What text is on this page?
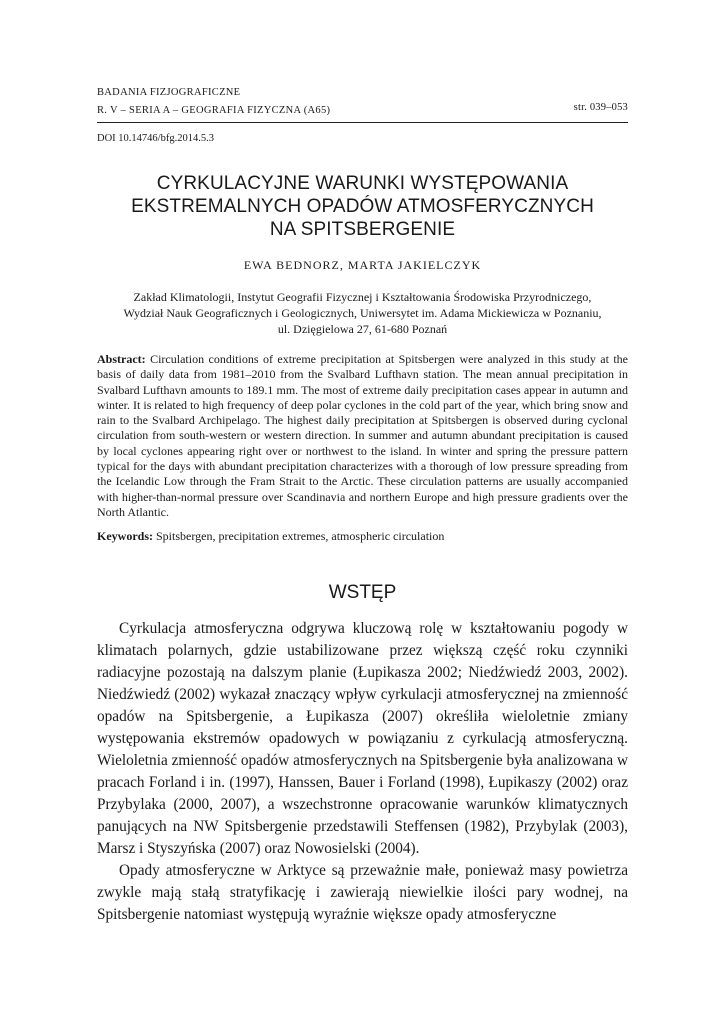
BADANIA FIZJOGRAFICZNE
R. V – SERIA A – GEOGRAFIA FIZYCZNA (A65)	str. 039–053
DOI 10.14746/bfg.2014.5.3
CYRKULACYJNE WARUNKI WYSTĘPOWANIA
EKSTREMALNYCH OPADÓW ATMOSFERYCZNYCH
NA SPITSBERGENIE
EWA BEDNORZ, MARTA JAKIELCZYK
Zakład Klimatologii, Instytut Geografii Fizycznej i Kształtowania Środowiska Przyrodniczego,
Wydział Nauk Geograficznych i Geologicznych, Uniwersytet im. Adama Mickiewicza w Poznaniu,
ul. Dzięgielowa 27, 61-680 Poznań
Abstract: Circulation conditions of extreme precipitation at Spitsbergen were analyzed in this study at the basis of daily data from 1981–2010 from the Svalbard Lufthavn station. The mean annual precipitation in Svalbard Lufthavn amounts to 189.1 mm. The most of extreme daily precipitation cases appear in autumn and winter. It is related to high frequency of deep polar cyclones in the cold part of the year, which bring snow and rain to the Svalbard Archipelago. The highest daily precipitation at Spitsbergen is observed during cyclonal circulation from south-western or western direction. In summer and autumn abundant precipitation is caused by local cyclones appearing right over or northwest to the island. In winter and spring the pressure pattern typical for the days with abundant precipitation characterizes with a thorough of low pressure spreading from the Icelandic Low through the Fram Strait to the Arctic. These circulation patterns are usually accompanied with higher-than-normal pressure over Scandinavia and northern Europe and high pressure gradients over the North Atlantic.
Keywords: Spitsbergen, precipitation extremes, atmospheric circulation
WSTĘP

Cyrkulacja atmosferyczna odgrywa kluczową rolę w kształtowaniu pogody w klimatach polarnych, gdzie ustabilizowane przez większą część roku czynniki radiacyjne pozostają na dalszym planie (Łupikasza 2002; Niedźwiedź 2003, 2002). Niedźwiedź (2002) wykazał znaczący wpływ cyrkulacji atmosferycznej na zmienność opadów na Spitsbergenie, a Łupikasza (2007) określiła wieloletnie zmiany występowania ekstremów opadowych w powiązaniu z cyrkulacją atmosferyczną. Wieloletnia zmienność opadów atmosferycznych na Spitsbergenie była analizowana w pracach Forland i in. (1997), Hanssen, Bauer i Forland (1998), Łupikaszy (2002) oraz Przybylaka (2000, 2007), a wszechstronne opracowanie warunków klimatycznych panujących na NW Spitsbergenie przedstawili Steffensen (1982), Przybylak (2003), Marsz i Styszyńska (2007) oraz Nowosielski (2004).

Opady atmosferyczne w Arktyce są przeważnie małe, ponieważ masy powietrza zwykle mają stałą stratyfikację i zawierają niewielkie ilości pary wodnej, na Spitsbergenie natomiast występują wyraźnie większe opady atmosferyczne
